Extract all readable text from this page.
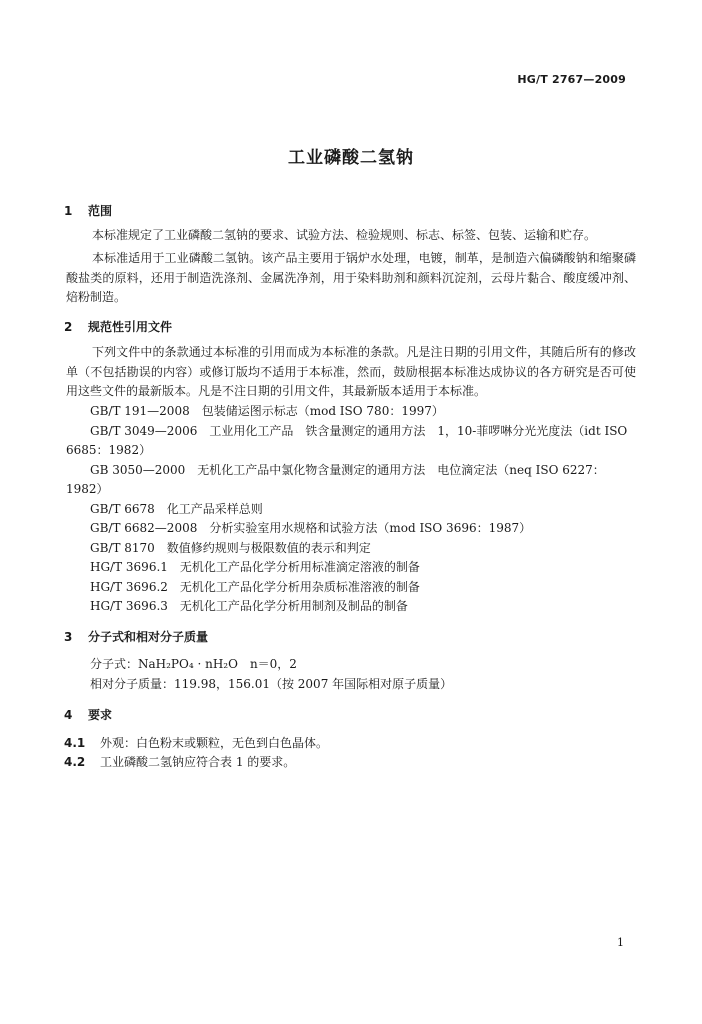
HG/T 2767—2009
工业磷酸二氢钠
1 范围
本标准规定了工业磷酸二氢钠的要求、试验方法、检验规则、标志、标签、包装、运输和贮存。
本标准适用于工业磷酸二氢钠。该产品主要用于锅炉水处理，电镀，制革，是制造六偏磷酸钠和缩聚磷酸盐类的原料，还用于制造洗涤剂、金属洗净剂，用于染料助剂和颜料沉淀剂，云母片黏合、酸度缓冲剂、焙粉制造。
2 规范性引用文件
下列文件中的条款通过本标准的引用而成为本标准的条款。凡是注日期的引用文件，其随后所有的修改单（不包括勘误的内容）或修订版均不适用于本标准，然而，鼓励根据本标准达成协议的各方研究是否可使用这些文件的最新版本。凡是不注日期的引用文件，其最新版本适用于本标准。
GB/T 191—2008　包装储运图示标志（mod ISO 780：1997）
GB/T 3049—2006　工业用化工产品　铁含量测定的通用方法　1，10-菲啰啉分光光度法（idt ISO 6685：1982）
GB 3050—2000　无机化工产品中氯化物含量测定的通用方法　电位滴定法（neq ISO 6227：1982）
GB/T 6678　化工产品采样总则
GB/T 6682—2008　分析实验室用水规格和试验方法（mod ISO 3696：1987）
GB/T 8170　数值修约规则与极限数值的表示和判定
HG/T 3696.1　无机化工产品化学分析用标准滴定溶液的制备
HG/T 3696.2　无机化工产品化学分析用杂质标准溶液的制备
HG/T 3696.3　无机化工产品化学分析用制剂及制品的制备
3 分子式和相对分子质量
分子式：NaH₂PO₄ · nH₂O　n＝0，2
相对分子质量：119.98，156.01（按 2007 年国际相对原子质量）
4 要求
4.1 外观：白色粉末或颗粒，无色到白色晶体。
4.2 工业磷酸二氢钠应符合表 1 的要求。
1
